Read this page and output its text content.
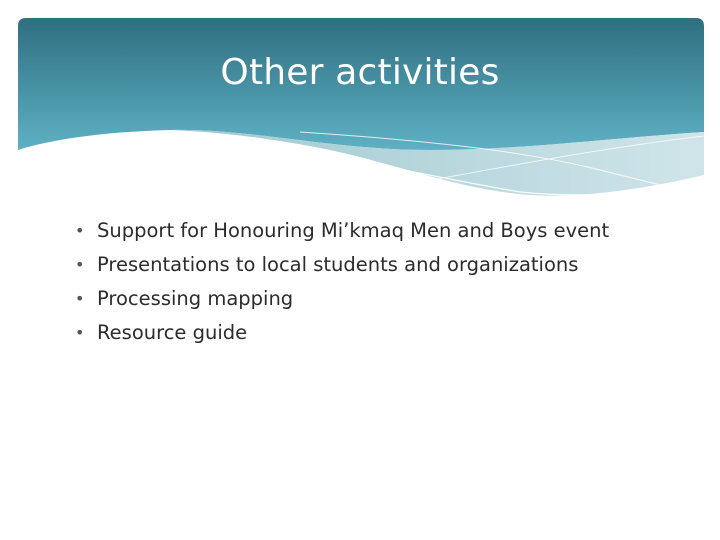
Other activities
• Support for Honouring Mi’kmaq Men and Boys event
• Presentations to local students and organizations
• Processing mapping
• Resource guide
